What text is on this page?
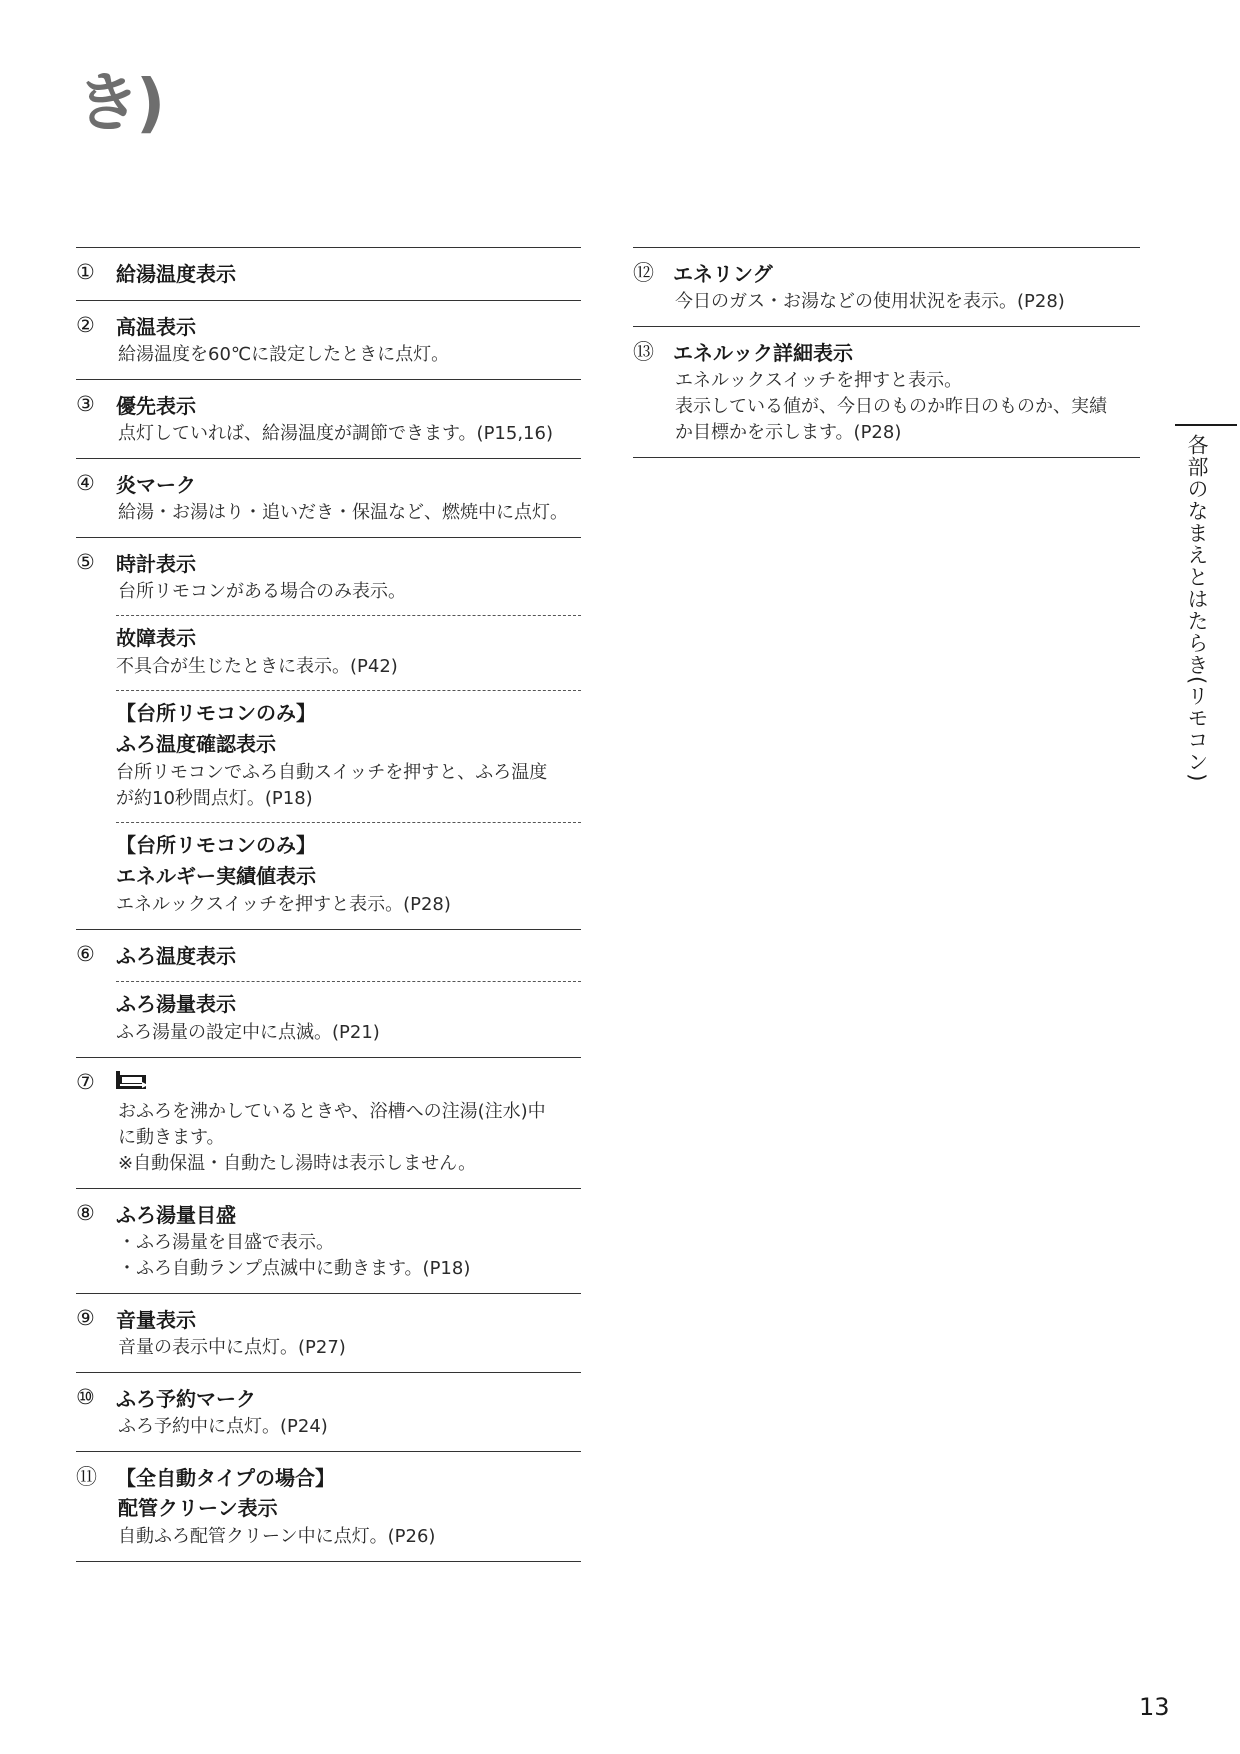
き)
①	給湯温度表示
②	高温表示
給湯温度を60℃に設定したときに点灯。
③	優先表示
点灯していれば、給湯温度が調節できます。(P15,16)
④	炎マーク
給湯・お湯はり・追いだき・保温など、燃焼中に点灯。
⑤	時計表示
台所リモコンがある場合のみ表示。
故障表示
不具合が生じたときに表示。(P42)
【台所リモコンのみ】
ふろ温度確認表示
台所リモコンでふろ自動スイッチを押すと、ふろ温度
が約10秒間点灯。(P18)
【台所リモコンのみ】
エネルギー実績値表示
エネルックスイッチを押すと表示。(P28)
⑥	ふろ温度表示
ふろ湯量表示
ふろ湯量の設定中に点滅。(P21)
⑦
おふろを沸かしているときや、浴槽への注湯(注水)中
に動きます。
※自動保温・自動たし湯時は表示しません。
⑧	ふろ湯量目盛
・ふろ湯量を目盛で表示。
・ふろ自動ランプ点滅中に動きます。(P18)
⑨	音量表示
音量の表示中に点灯。(P27)
⑩	ふろ予約マーク
ふろ予約中に点灯。(P24)
⑪ 【全自動タイプの場合】
配管クリーン表示
自動ふろ配管クリーン中に点灯。(P26)
⑫ エネリング
今日のガス・お湯などの使用状況を表示。(P28)
⑬ エネルック詳細表示
エネルックスイッチを押すと表示。
表示している値が、今日のものか昨日のものか、実績
か目標かを示します。(P28)
各部のなまえとはたらき(リモコン)
13
